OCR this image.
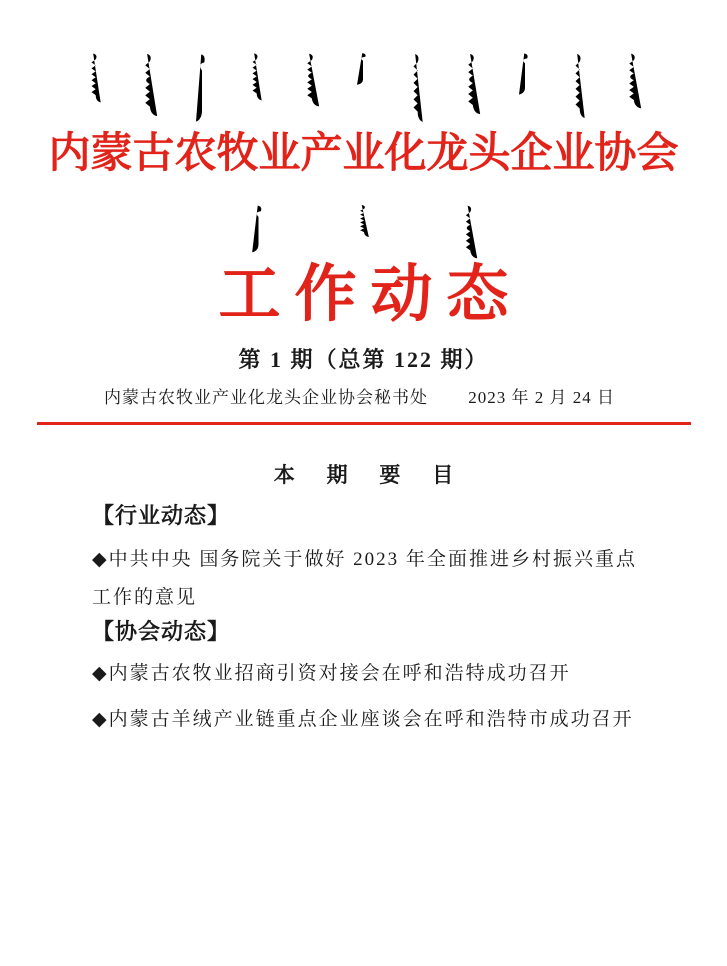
内蒙古农牧业产业化龙头企业协会
工作动态
第 1 期（总第 122 期）
内蒙古农牧业产业化龙头企业协会秘书处 2023 年 2 月 24 日
本 期 要 目
【行业动态】

◆中共中央 国务院关于做好 2023 年全面推进乡村振兴重点工作的意见

【协会动态】

◆内蒙古农牧业招商引资对接会在呼和浩特成功召开

◆内蒙古羊绒产业链重点企业座谈会在呼和浩特市成功召开
